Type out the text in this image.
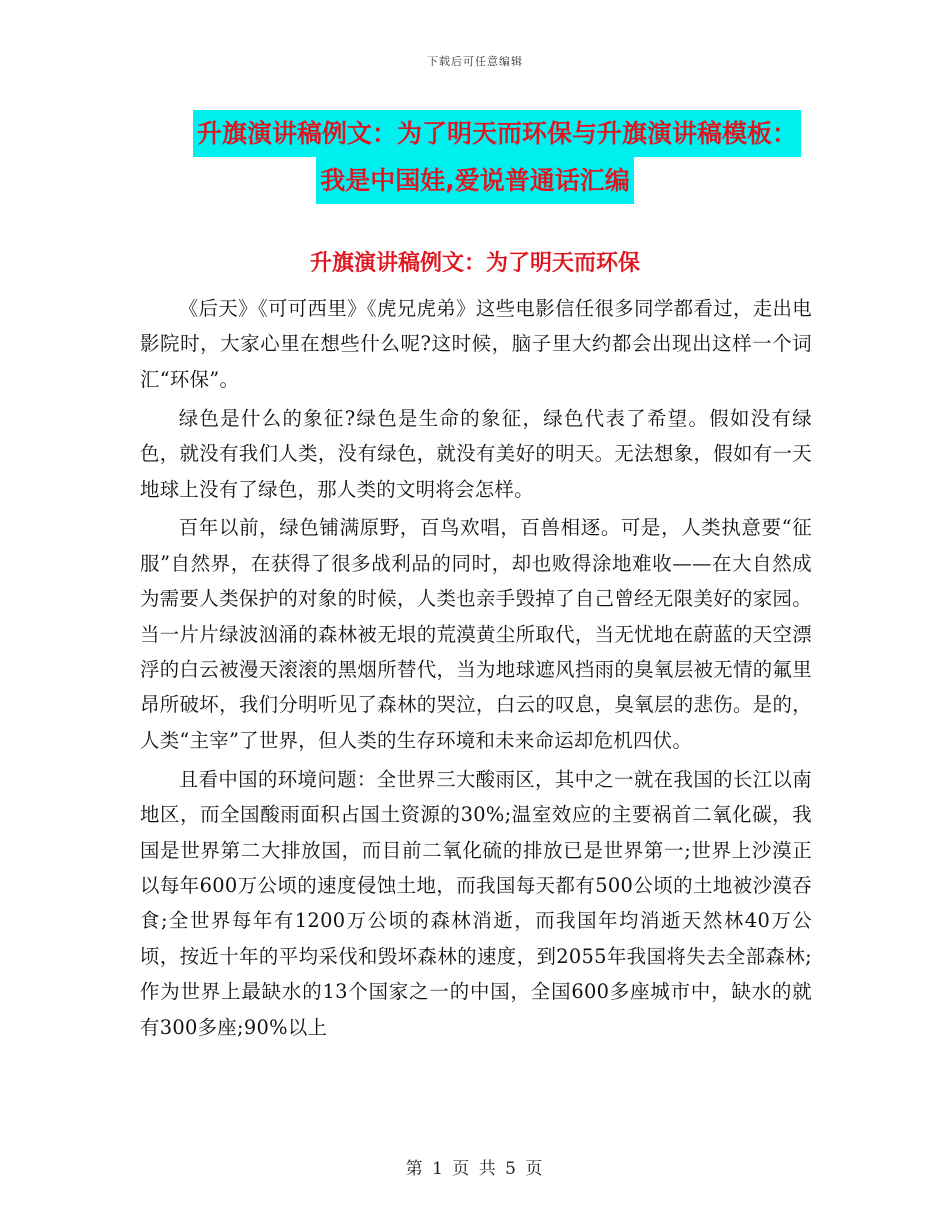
下载后可任意编辑
升旗演讲稿例文：为了明天而环保与升旗演讲稿模板：
我是中国娃,爱说普通话汇编
升旗演讲稿例文：为了明天而环保

《后天》《可可西里》《虎兄虎弟》这些电影信任很多同学都看过，走出电影院时，大家心里在想些什么呢?这时候，脑子里大约都会出现出这样一个词汇“环保”。

绿色是什么的象征?绿色是生命的象征，绿色代表了希望。假如没有绿色，就没有我们人类，没有绿色，就没有美好的明天。无法想象，假如有一天地球上没有了绿色，那人类的文明将会怎样。

百年以前，绿色铺满原野，百鸟欢唱，百兽相逐。可是，人类执意要“征服”自然界，在获得了很多战利品的同时，却也败得涂地难收——在大自然成为需要人类保护的对象的时候，人类也亲手毁掉了自己曾经无限美好的家园。当一片片绿波汹涌的森林被无垠的荒漠黄尘所取代，当无忧地在蔚蓝的天空漂浮的白云被漫天滚滚的黑烟所替代，当为地球遮风挡雨的臭氧层被无情的氟里昂所破坏，我们分明听见了森林的哭泣，白云的叹息，臭氧层的悲伤。是的，人类“主宰”了世界，但人类的生存环境和未来命运却危机四伏。

且看中国的环境问题：全世界三大酸雨区，其中之一就在我国的长江以南地区，而全国酸雨面积占国土资源的30%;温室效应的主要祸首二氧化碳，我国是世界第二大排放国，而目前二氧化硫的排放已是世界第一;世界上沙漠正以每年600万公顷的速度侵蚀土地，而我国每天都有500公顷的土地被沙漠吞食;全世界每年有1200万公顷的森林消逝，而我国年均消逝天然林40万公顷，按近十年的平均采伐和毁坏森林的速度，到2055年我国将失去全部森林;作为世界上最缺水的13个国家之一的中国，全国600多座城市中，缺水的就有300多座;90%以上

第 1 页 共 5 页
